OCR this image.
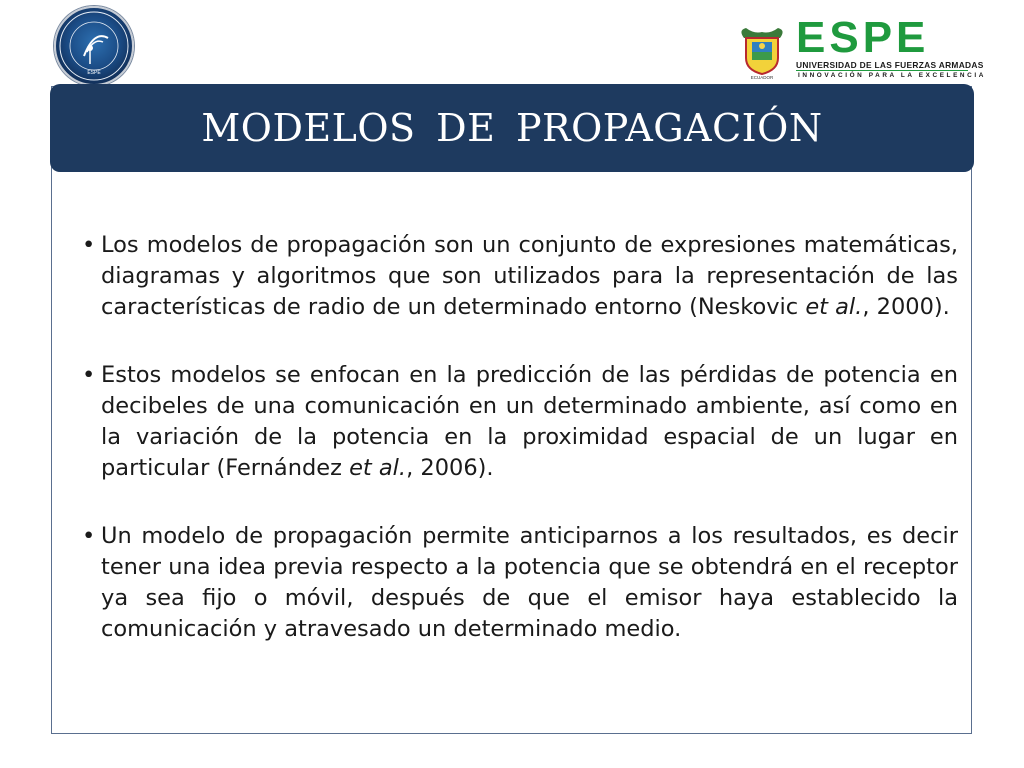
ESPE
ECUADOR
ESPE
UNIVERSIDAD DE LAS FUERZAS ARMADAS
INNOVACIÓN PARA LA EXCELENCIA
MODELOS DE PROPAGACIÓN

• Los modelos de propagación son un conjunto de expresiones matemáticas, diagramas y algoritmos que son utilizados para la representación de las características de radio de un determinado entorno (Neskovic et al., 2000).

• Estos modelos se enfocan en la predicción de las pérdidas de potencia en decibeles de una comunicación en un determinado ambiente, así como en la variación de la potencia en la proximidad espacial de un lugar en particular (Fernández et al., 2006).

• Un modelo de propagación permite anticiparnos a los resultados, es decir tener una idea previa respecto a la potencia que se obtendrá en el receptor ya sea fijo o móvil, después de que el emisor haya establecido la comunicación y atravesado un determinado medio.
